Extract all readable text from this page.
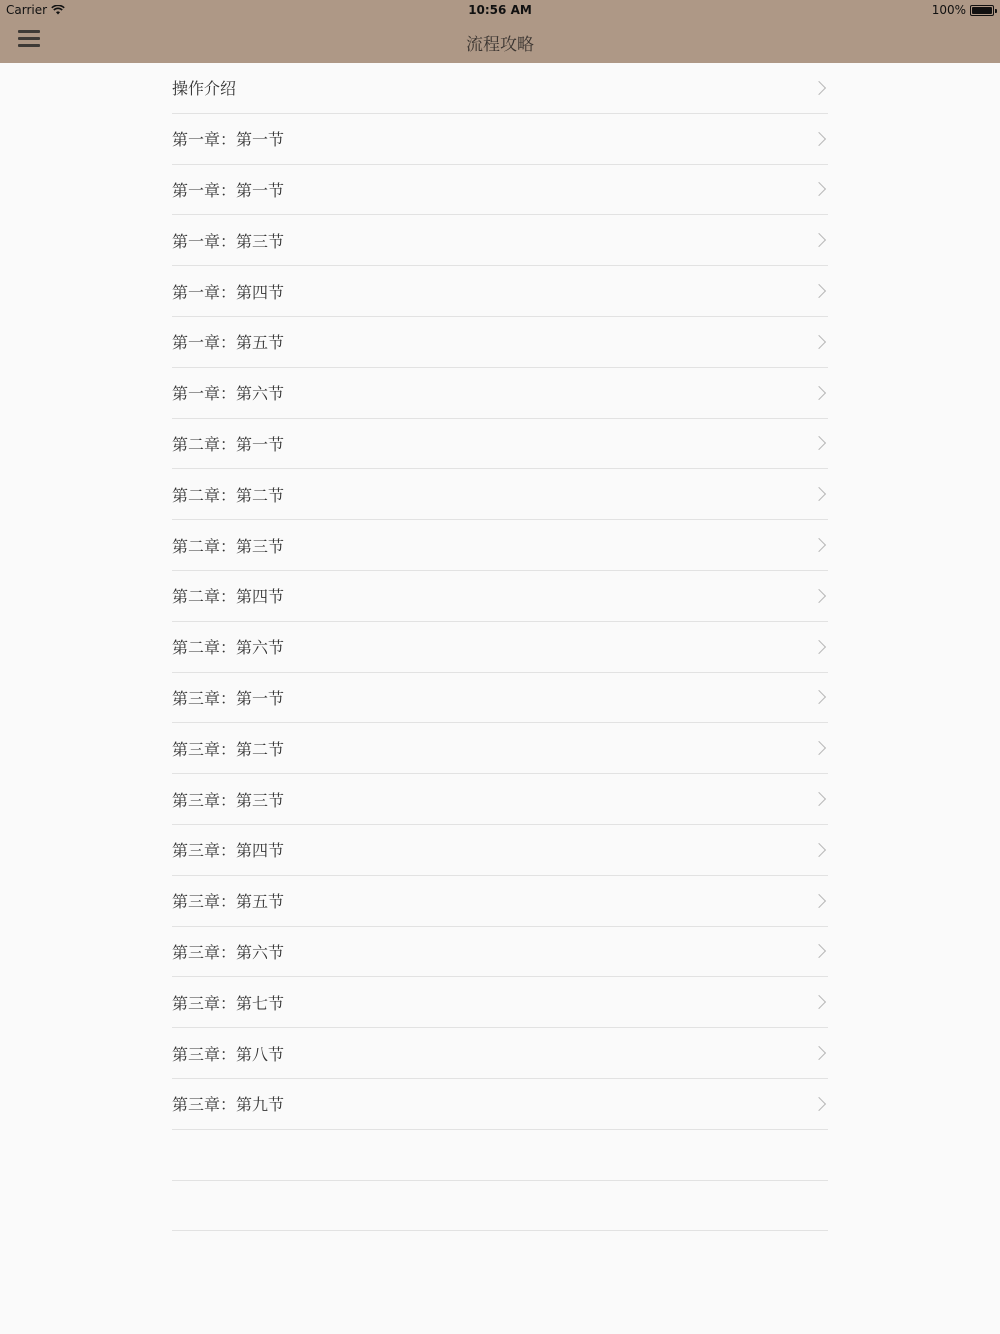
Carrier	10:56 AM	100%
流程攻略
操作介绍
第一章：第一节
第一章：第一节
第一章：第三节
第一章：第四节
第一章：第五节
第一章：第六节
第二章：第一节
第二章：第二节
第二章：第三节
第二章：第四节
第二章：第六节
第三章：第一节
第三章：第二节
第三章：第三节
第三章：第四节
第三章：第五节
第三章：第六节
第三章：第七节
第三章：第八节
第三章：第九节
